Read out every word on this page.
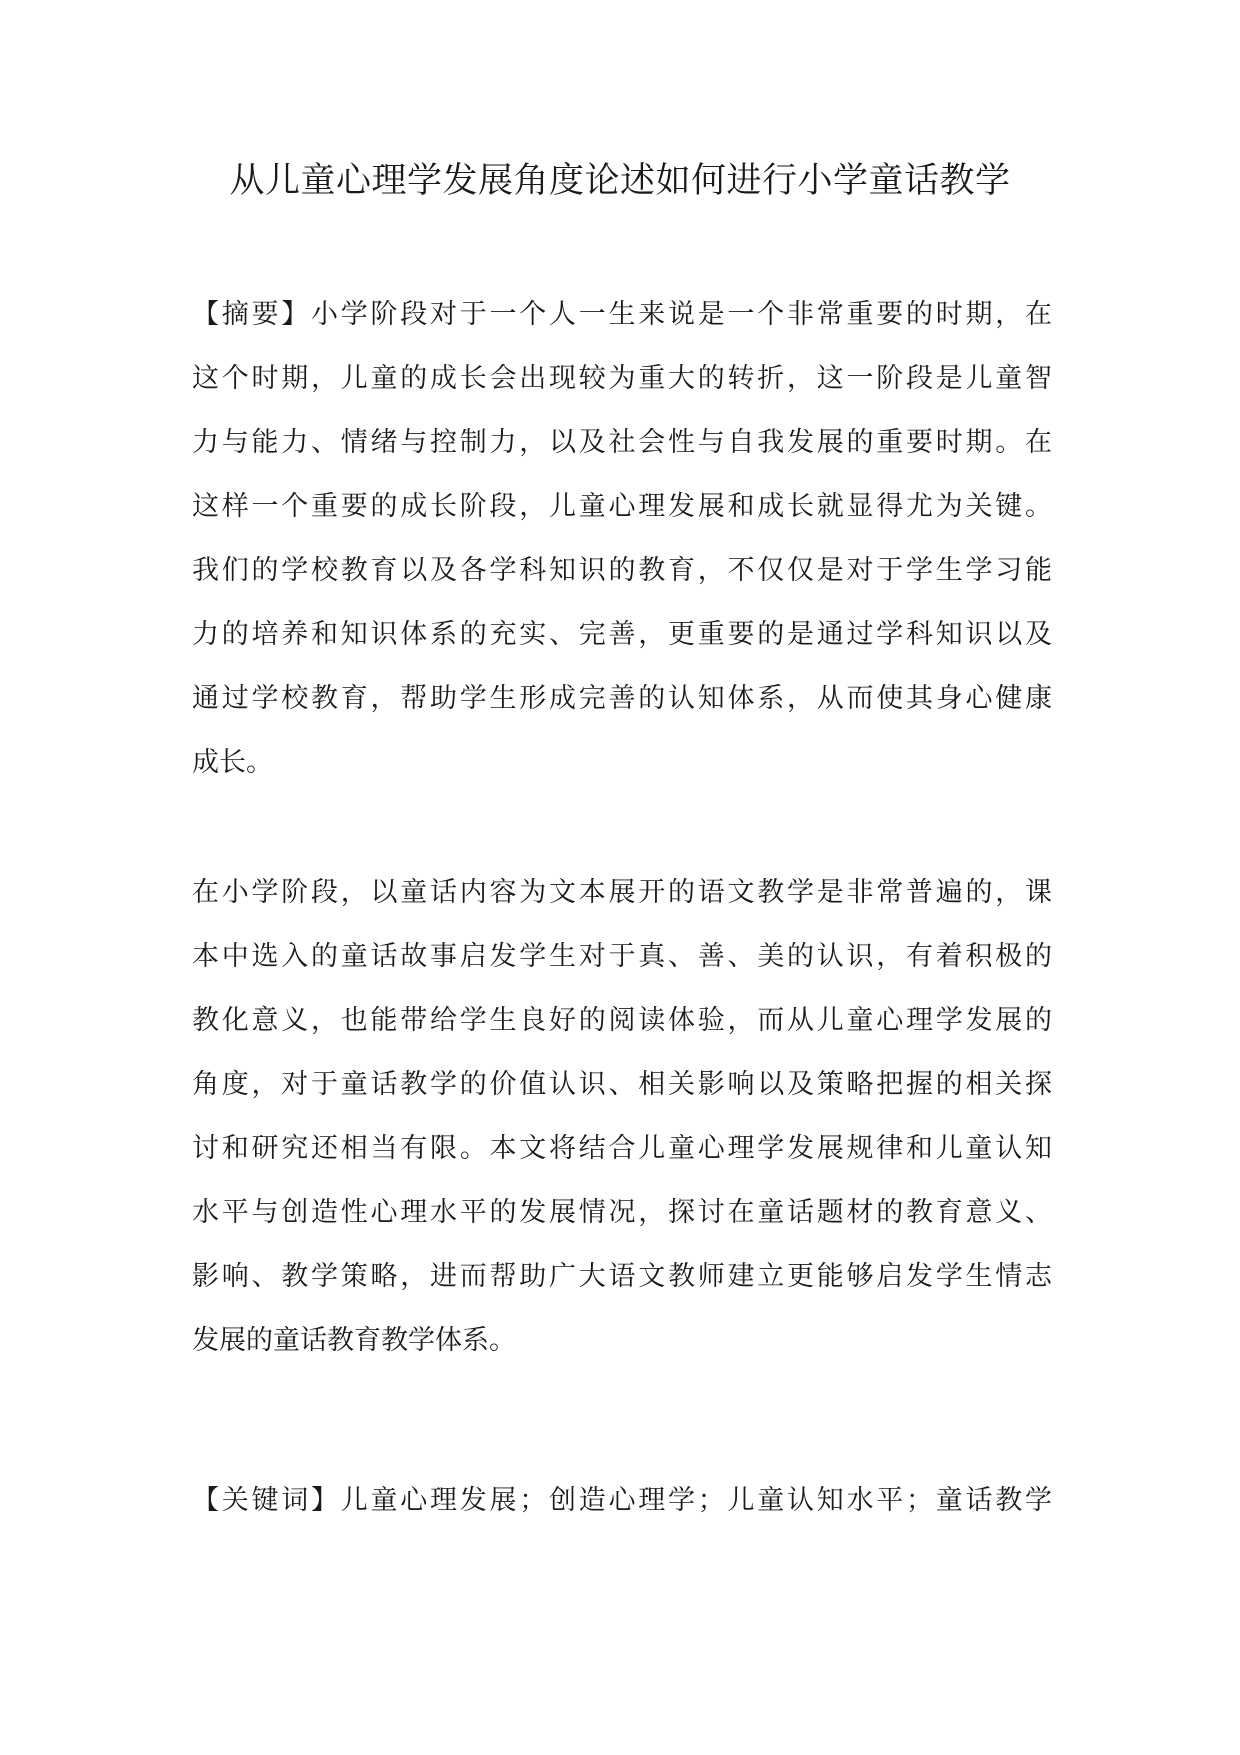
从儿童心理学发展角度论述如何进行小学童话教学
【摘要】小学阶段对于一个人一生来说是一个非常重要的时期，在
这个时期，儿童的成长会出现较为重大的转折，这一阶段是儿童智
力与能力、情绪与控制力，以及社会性与自我发展的重要时期。在
这样一个重要的成长阶段，儿童心理发展和成长就显得尤为关键。
我们的学校教育以及各学科知识的教育，不仅仅是对于学生学习能
力的培养和知识体系的充实、完善，更重要的是通过学科知识以及
通过学校教育，帮助学生形成完善的认知体系，从而使其身心健康
成长。
在小学阶段，以童话内容为文本展开的语文教学是非常普遍的，课
本中选入的童话故事启发学生对于真、善、美的认识，有着积极的
教化意义，也能带给学生良好的阅读体验，而从儿童心理学发展的
角度，对于童话教学的价值认识、相关影响以及策略把握的相关探
讨和研究还相当有限。本文将结合儿童心理学发展规律和儿童认知
水平与创造性心理水平的发展情况，探讨在童话题材的教育意义、
影响、教学策略，进而帮助广大语文教师建立更能够启发学生情志
发展的童话教育教学体系。
【关键词】儿童心理发展；创造心理学；儿童认知水平；童话教学
